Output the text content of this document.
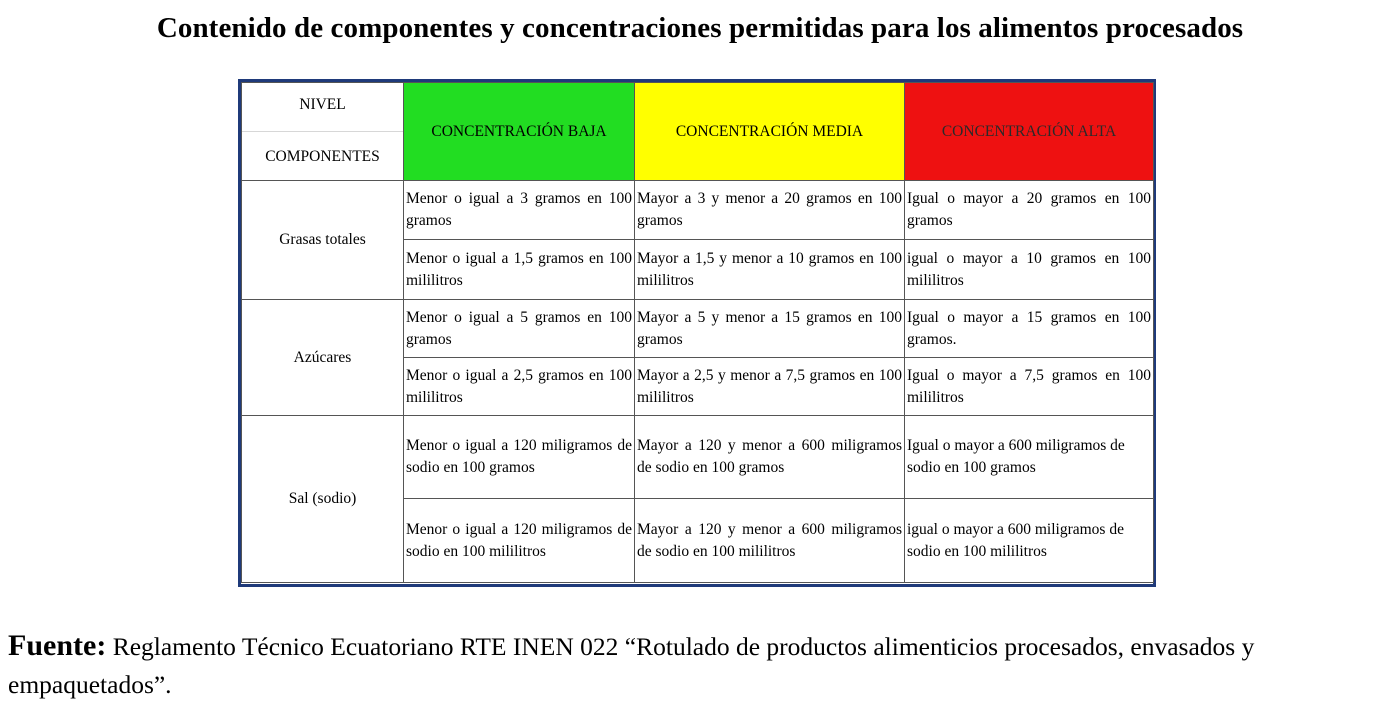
Contenido de componentes y concentraciones permitidas para los alimentos procesados
NIVEL
COMPONENTES	CONCENTRACIÓN BAJA	CONCENTRACIÓN MEDIA	CONCENTRACIÓN ALTA
Grasas totales	Menor o igual a 3 gramos en 100 gramos	Mayor a 3 y menor a 20 gramos en 100 gramos	Igual o mayor a 20 gramos en 100 gramos
	Menor o igual a 1,5 gramos en 100 mililitros	Mayor a 1,5 y menor a 10 gramos en 100 mililitros	igual o mayor a 10 gramos en 100 mililitros
Azúcares	Menor o igual a 5 gramos en 100 gramos	Mayor a 5 y menor a 15 gramos en 100 gramos	Igual o mayor a 15 gramos en 100 gramos.
	Menor o igual a 2,5 gramos en 100 mililitros	Mayor a 2,5 y menor a 7,5 gramos en 100 mililitros	Igual o mayor a 7,5 gramos en 100 mililitros
Sal (sodio)	Menor o igual a 120 miligramos de sodio en 100 gramos	Mayor a 120 y menor a 600 miligramos de sodio en 100 gramos	Igual o mayor a 600 miligramos de sodio en 100 gramos
	Menor o igual a 120 miligramos de sodio en 100 mililitros	Mayor a 120 y menor a 600 miligramos de sodio en 100 mililitros	igual o mayor a 600 miligramos de sodio en 100 mililitros
Fuente: Reglamento Técnico Ecuatoriano RTE INEN 022 “Rotulado de productos alimenticios procesados, envasados y empaquetados”.
